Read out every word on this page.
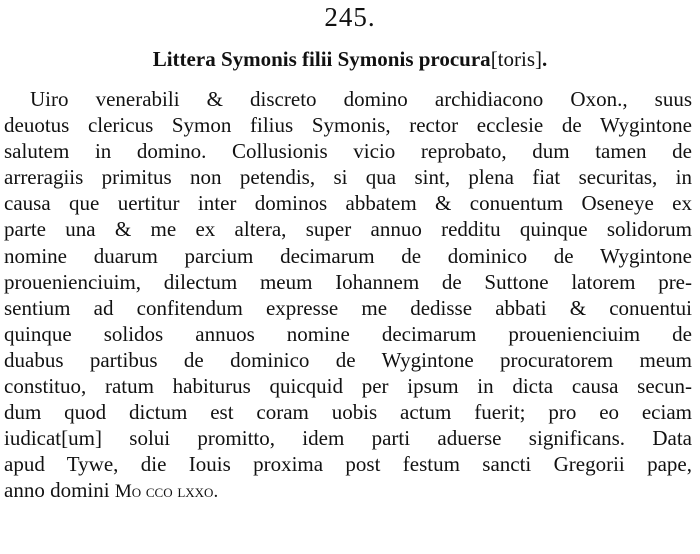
245.
Littera Symonis filii Symonis procura[toris].
Uiro venerabili & discreto domino archidiacono Oxon., suus
deuotus clericus Symon filius Symonis, rector ecclesie de Wygintone
salutem in domino. Collusionis vicio reprobato, dum tamen de
arreragiis primitus non petendis, si qua sint, plena fiat securitas, in
causa que uertitur inter dominos abbatem & conuentum Oseneye ex
parte una & me ex altera, super annuo redditu quinque solidorum
nomine duarum parcium decimarum de dominico de Wygintone
prouenienciuim, dilectum meum Iohannem de Suttone latorem pre-
sentium ad confitendum expresse me dedisse abbati & conuentui
quinque solidos annuos nomine decimarum prouenienciuim de
duabus partibus de dominico de Wygintone procuratorem meum
constituo, ratum habiturus quicquid per ipsum in dicta causa secun-
dum quod dictum est coram uobis actum fuerit; pro eo eciam
iudicat[um] solui promitto, idem parti aduerse significans. Data
apud Tywe, die Iouis proxima post festum sancti Gregorii pape,
anno domini Mo cco lxxo.
